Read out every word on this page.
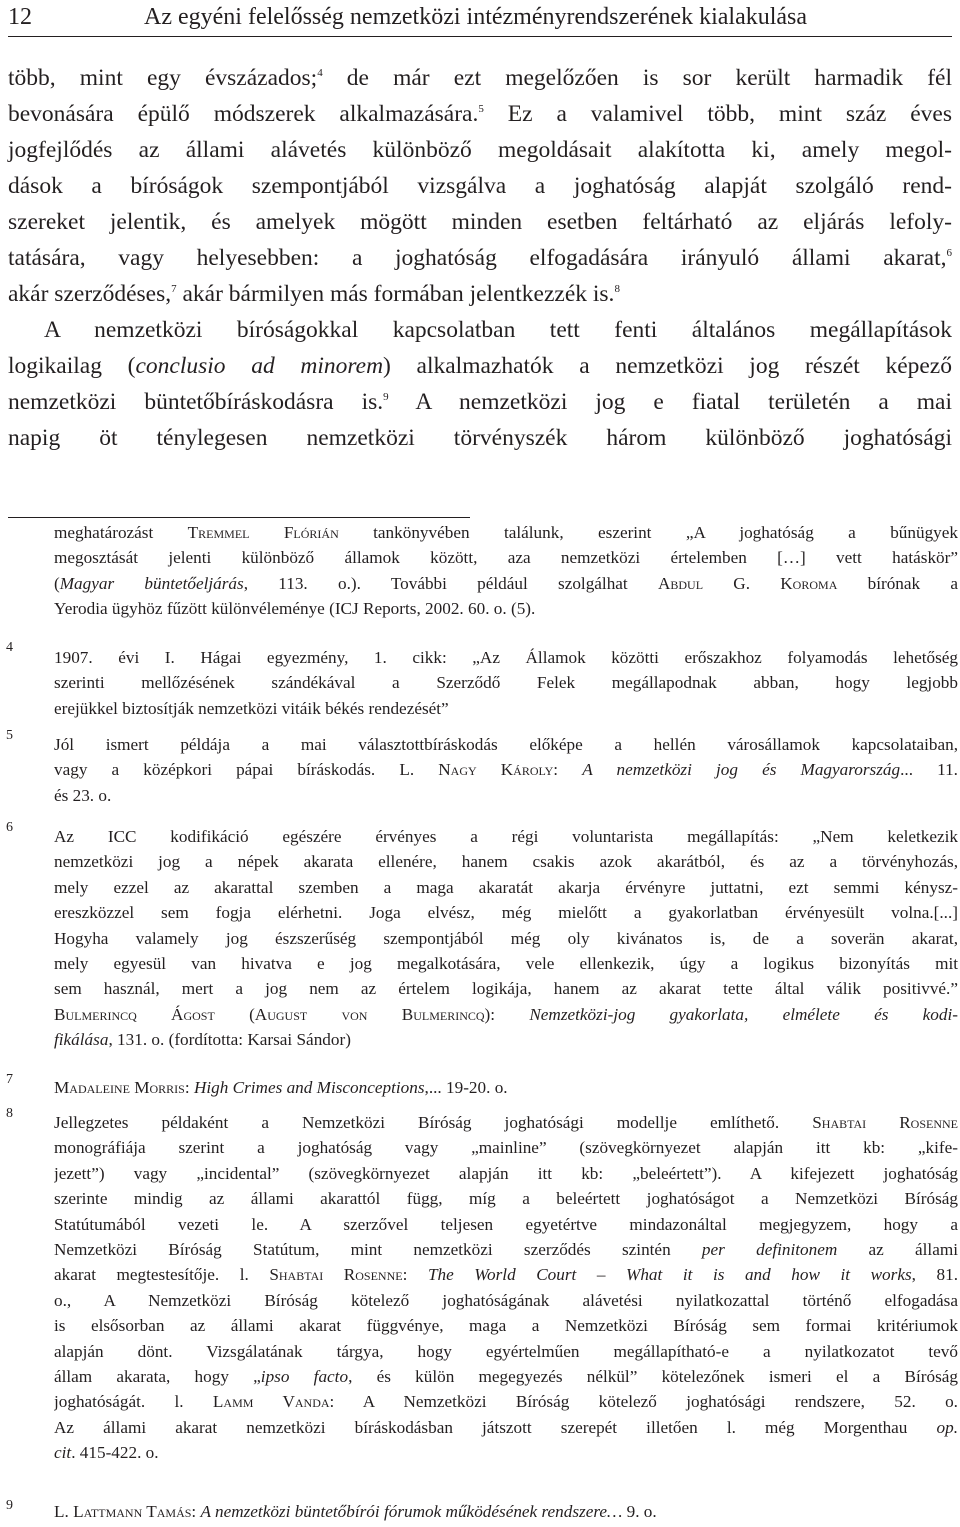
12	Az egyéni felelősség nemzetközi intézményrendszerének kialakulása
több, mint egy évszázados;$^4$ de már ezt megelőzően is sor került harmadik fél
bevonására épülő módszerek alkalmazására.$^5$ Ez a valamivel több, mint száz éves
jogfejlődés az állami alávetés különböző megoldásait alakította ki, amely megol-
dások a bíróságok szempontjából vizsgálva a joghatóság alapját szolgáló rend-
szereket jelentik, és amelyek mögött minden esetben feltárható az eljárás lefoly-
tatására, vagy helyesebben: a joghatóság elfogadására irányuló állami akarat,$^6$
akár szerződéses,$^7$ akár bármilyen más formában jelentkezzék is.$^8$
A nemzetközi bíróságokkal kapcsolatban tett fenti általános megállapítások
logikailag (conclusio ad minorem) alkalmazhatók a nemzetközi jog részét képező
nemzetközi büntetőbíráskodásra is.$^9$ A nemzetközi jog e fiatal területén a mai
napig öt ténylegesen nemzetközi törvényszék három különböző joghatósági
meghatározást Tremmel Flórián tankönyvében találunk, eszerint „A joghatóság a bűnügyek
megosztását jelenti különböző államok között, aza nemzetközi értelemben […] vett hatáskör”
(Magyar büntetőeljárás, 113. o.). További például szolgálhat Abdul G. Koroma bírónak a
Yerodia ügyhöz fűzött különvéleménye (ICJ Reports, 2002. 60. o. (5).
4
1907. évi I. Hágai egyezmény, 1. cikk: „Az Államok közötti erőszakhoz folyamodás lehetőség
szerinti mellőzésének szándékával a Szerződő Felek megállapodnak abban, hogy legjobb
erejükkel biztosítják nemzetközi vitáik békés rendezését”
5 Jól ismert példája a mai választottbíráskodás előképe a hellén városállamok kapcsolataiban,
vagy a középkori pápai bíráskodás. L. Nagy Károly: A nemzetközi jog és Magyarország... 11.
és 23. o.
6 Az ICC kodifikáció egészére érvényes a régi voluntarista megállapítás: „Nem keletkezik
nemzetközi jog a népek akarata ellenére, hanem csakis azok akarátból, és az a törvényhozás,
mely ezzel az akarattal szemben a maga akaratát akarja érvényre juttatni, ezt semmi kénysz-
ereszközzel sem fogja elérhetni. Joga elvész, még mielőtt a gyakorlatban érvényesült volna.[...]
Hogyha valamely jog észszerűség szempontjából még oly kivánatos is, de a soverän akarat,
mely egyesül van hivatva e jog megalkotására, vele ellenkezik, úgy a logikus bizonyítás mit
sem használ, mert a jog nem az értelem logikája, hanem az akarat tette által válik positivvé.”
Bulmerincq Ágost (August von Bulmerincq): Nemzetközi-jog gyakorlata, elmélete és kodi-
fikálása, 131. o. (fordította: Karsai Sándor)
7 Madaleine Morris: High Crimes and Misconceptions,... 19-20. o.
8 Jellegzetes példaként a Nemzetközi Bíróság joghatósági modellje említhető. Shabtai Rosenne
monográfiája szerint a joghatóság vagy „mainline” (szövegkörnyezet alapján itt kb: „kife-
jezett”) vagy „incidental” (szövegkörnyezet alapján itt kb: „beleértett”). A kifejezett joghatóság
szerinte mindig az állami akarattól függ, míg a beleértett joghatóságot a Nemzetközi Bíróság
Statútumából vezeti le. A szerzővel teljesen egyetértve mindazonáltal megjegyzem, hogy a
Nemzetközi Bíróság Statútum, mint nemzetközi szerződés szintén per definitonem az állami
akarat megtestesítője. l. Shabtai Rosenne: The World Court – What it is and how it works, 81.
o., A Nemzetközi Bíróság kötelező joghatóságának alávetési nyilatkozattal történő elfogadása
is elsősorban az állami akarat függvénye, maga a Nemzetközi Bíróság sem formai kritériumok
alapján dönt. Vizsgálatának tárgya, hogy egyértelműen megállapítható-e a nyilatkozatot tevő
állam akarata, hogy „ipso facto, és külön megegyezés nélkül” kötelezőnek ismeri el a Bíróság
joghatóságát. l. Lamm Vanda: A Nemzetközi Bíróság kötelező joghatósági rendszere, 52. o.
Az állami akarat nemzetközi bíráskodásban játszott szerepét illetően l. még Morgenthau op.
cit. 415-422. o.
9 L. Lattmann Tamás: A nemzetközi büntetőbírói fórumok működésének rendszere… 9. o.
